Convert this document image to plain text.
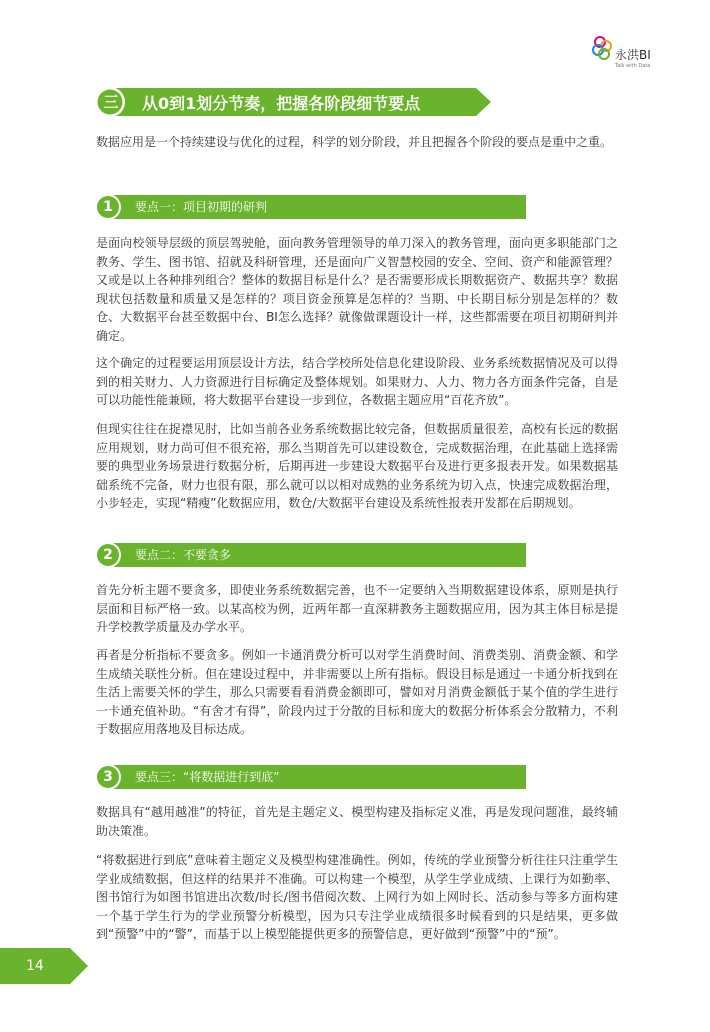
永洪BI
Talk with Data
三	从0到1划分节奏，把握各阶段细节要点

数据应用是一个持续建设与优化的过程，科学的划分阶段，并且把握各个阶段的要点是重中之重。

1	要点一：项目初期的研判

是面向校领导层级的顶层驾驶舱，面向教务管理领导的单刀深入的教务管理，面向更多职能部门之教务、学生、图书馆、招就及科研管理，还是面向广义智慧校园的安全、空间、资产和能源管理？又或是以上各种排列组合？整体的数据目标是什么？是否需要形成长期数据资产、数据共享？数据现状包括数量和质量又是怎样的？项目资金预算是怎样的？当期、中长期目标分别是怎样的？数仓、大数据平台甚至数据中台、BI怎么选择？就像做课题设计一样，这些都需要在项目初期研判并确定。

这个确定的过程要运用顶层设计方法，结合学校所处信息化建设阶段、业务系统数据情况及可以得到的相关财力、人力资源进行目标确定及整体规划。如果财力、人力、物力各方面条件完备，自是可以功能性能兼顾，将大数据平台建设一步到位，各数据主题应用“百花齐放”。

但现实往往在捉襟见肘，比如当前各业务系统数据比较完备，但数据质量很差，高校有长远的数据应用规划，财力尚可但不很充裕，那么当期首先可以建设数仓，完成数据治理，在此基础上选择需要的典型业务场景进行数据分析，后期再进一步建设大数据平台及进行更多报表开发。如果数据基础系统不完备，财力也很有限，那么就可以以相对成熟的业务系统为切入点，快速完成数据治理，小步轻走，实现“精瘦”化数据应用，数仓/大数据平台建设及系统性报表开发都在后期规划。

2	要点二：不要贪多

首先分析主题不要贪多，即使业务系统数据完善，也不一定要纳入当期数据建设体系，原则是执行层面和目标严格一致。以某高校为例，近两年都一直深耕教务主题数据应用，因为其主体目标是提升学校教学质量及办学水平。

再者是分析指标不要贪多。例如一卡通消费分析可以对学生消费时间、消费类别、消费金额、和学生成绩关联性分析。但在建设过程中，并非需要以上所有指标。假设目标是通过一卡通分析找到在生活上需要关怀的学生，那么只需要看看消费金额即可，譬如对月消费金额低于某个值的学生进行一卡通充值补助。“有舍才有得”，阶段内过于分散的目标和庞大的数据分析体系会分散精力，不利于数据应用落地及目标达成。

3	要点三：“将数据进行到底”

数据具有“越用越准”的特征，首先是主题定义、模型构建及指标定义准，再是发现问题准，最终辅助决策准。

“将数据进行到底”意味着主题定义及模型构建准确性。例如，传统的学业预警分析往往只注重学生学业成绩数据，但这样的结果并不准确。可以构建一个模型，从学生学业成绩、上课行为如勤率、图书馆行为如图书馆进出次数/时长/图书借阅次数、上网行为如上网时长、活动参与等多方面构建一个基于学生行为的学业预警分析模型，因为只专注学业成绩很多时候看到的只是结果，更多做到“预警”中的“警”，而基于以上模型能提供更多的预警信息，更好做到“预警”中的“预”。

14
